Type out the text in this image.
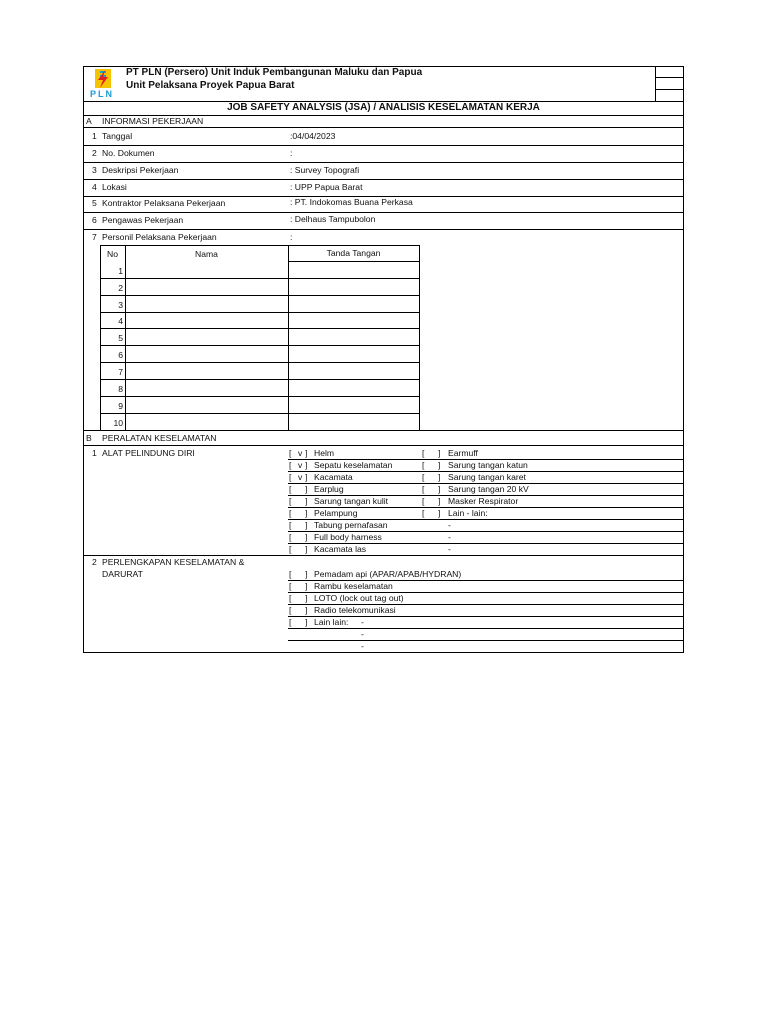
PLN
PT PLN (Persero) Unit Induk Pembangunan Maluku dan Papua
Unit Pelaksana Proyek Papua Barat
JOB SAFETY ANALYSIS (JSA) / ANALISIS KESELAMATAN KERJA
A INFORMASI PEKERJAAN
1 Tanggal	:04/04/2023
2 No. Dokumen	:
3 Deskripsi Pekerjaan	: Survey Topografi
4 Lokasi	: UPP Papua Barat
5 Kontraktor Pelaksana Pekerjaan	: PT. Indokomas Buana Perkasa
6 Pengawas Pekerjaan	: Delhaus Tampubolon
7 Personil Pelaksana Pekerjaan	:
No	Nama	Tanda Tangan
1
2
3
4
5
6
7
8
9
10
B PERALATAN KESELAMATAN
1 ALAT PELINDUNG DIRI	[ v ] Helm	[ ] Earmuff
[ v ] Sepatu keselamatan	[ ] Sarung tangan katun
[ v ] Kacamata	[ ] Sarung tangan karet
[ ] Earplug	[ ] Sarung tangan 20 kV
[ ] Sarung tangan kulit	[ ] Masker Respirator
[ ] Pelampung	[ ] Lain - lain:
[ ] Tabung pernafasan	-
[ ] Full body harness	-
[ ] Kacamata las	-
2 PERLENGKAPAN KESELAMATAN &
DARURAT	[ ] Pemadam api (APAR/APAB/HYDRAN)
[ ] Rambu keselamatan
[ ] LOTO (lock out tag out)
[ ] Radio telekomunikasi
[ ] Lain lain: -
-
-
